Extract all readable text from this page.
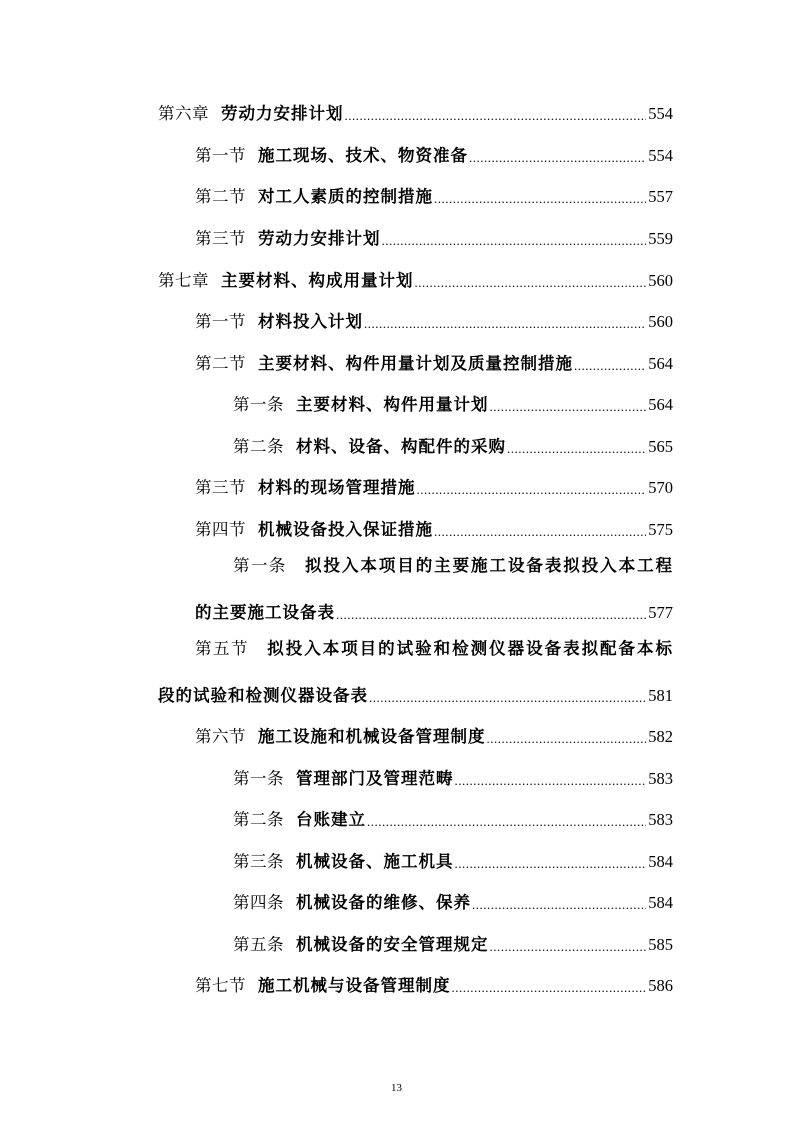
第六章 劳动力安排计划 .....	554
第一节 施工现场、技术、物资准备 .....	554
第二节 对工人素质的控制措施 .....	557
第三节 劳动力安排计划 .....	559
第七章 主要材料、构成用量计划 .....	560
第一节 材料投入计划 .....	560
第二节 主要材料、构件用量计划及质量控制措施 .....	564
第一条 主要材料、构件用量计划 .....	564
第二条 材料、设备、构配件的采购 .....	565
第三节 材料的现场管理措施 .....	570
第四节 机械设备投入保证措施 .....	575
第一条 拟投入本项目的主要施工设备表拟投入本工程
的主要施工设备表 .....	577
第五节 拟投入本项目的试验和检测仪器设备表拟配备本标
段的试验和检测仪器设备表 .....	581
第六节 施工设施和机械设备管理制度 .....	582
第一条 管理部门及管理范畴 .....	583
第二条 台账建立 .....	583
第三条 机械设备、施工机具 .....	584
第四条 机械设备的维修、保养 .....	584
第五条 机械设备的安全管理规定 .....	585
第七节 施工机械与设备管理制度 .....	586
13
